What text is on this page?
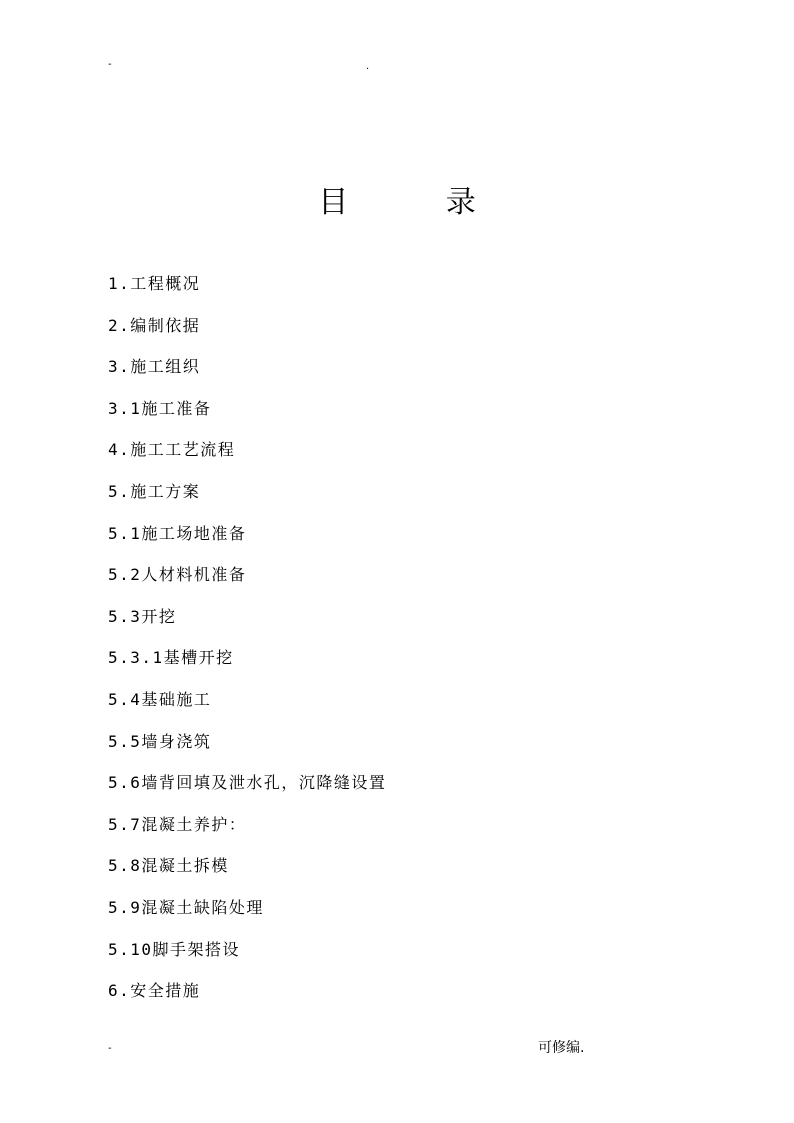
-	.
目 录
1.工程概况
2.编制依据
3.施工组织
3.1施工准备
4.施工工艺流程
5.施工方案
5.1施工场地准备
5.2人材料机准备
5.3开挖
5.3.1基槽开挖
5.4基础施工
5.5墙身浇筑
5.6墙背回填及泄水孔，沉降缝设置
5.7混凝土养护：
5.8混凝土拆模
5.9混凝土缺陷处理
5.10脚手架搭设
6.安全措施
-	可修编.
